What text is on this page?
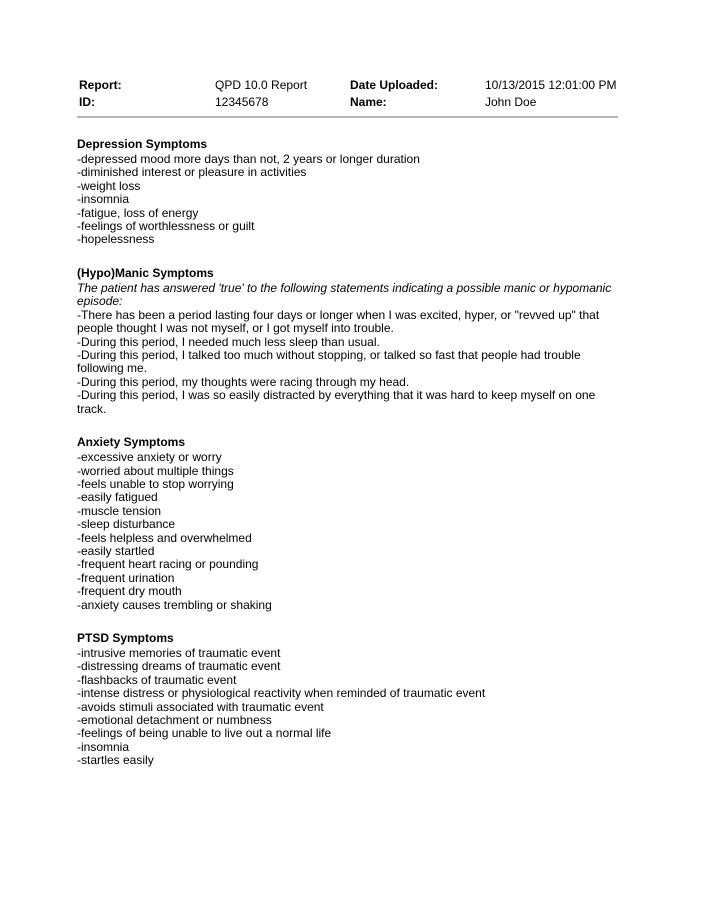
Report:	QPD 10.0 Report	Date Uploaded:	10/13/2015 12:01:00 PM
ID:	12345678	Name:	John Doe
Depression Symptoms
-depressed mood more days than not, 2 years or longer duration
-diminished interest or pleasure in activities
-weight loss
-insomnia
-fatigue, loss of energy
-feelings of worthlessness or guilt
-hopelessness
(Hypo)Manic Symptoms

The patient has answered 'true' to the following statements indicating a possible manic or hypomanic episode:

-There has been a period lasting four days or longer when I was excited, hyper, or "revved up" that people thought I was not myself, or I got myself into trouble.
-During this period, I needed much less sleep than usual.
-During this period, I talked too much without stopping, or talked so fast that people had trouble following me.
-During this period, my thoughts were racing through my head.
-During this period, I was so easily distracted by everything that it was hard to keep myself on one track.
Anxiety Symptoms
-excessive anxiety or worry
-worried about multiple things
-feels unable to stop worrying
-easily fatigued
-muscle tension
-sleep disturbance
-feels helpless and overwhelmed
-easily startled
-frequent heart racing or pounding
-frequent urination
-frequent dry mouth
-anxiety causes trembling or shaking
PTSD Symptoms
-intrusive memories of traumatic event
-distressing dreams of traumatic event
-flashbacks of traumatic event
-intense distress or physiological reactivity when reminded of traumatic event
-avoids stimuli associated with traumatic event
-emotional detachment or numbness
-feelings of being unable to live out a normal life
-insomnia
-startles easily
